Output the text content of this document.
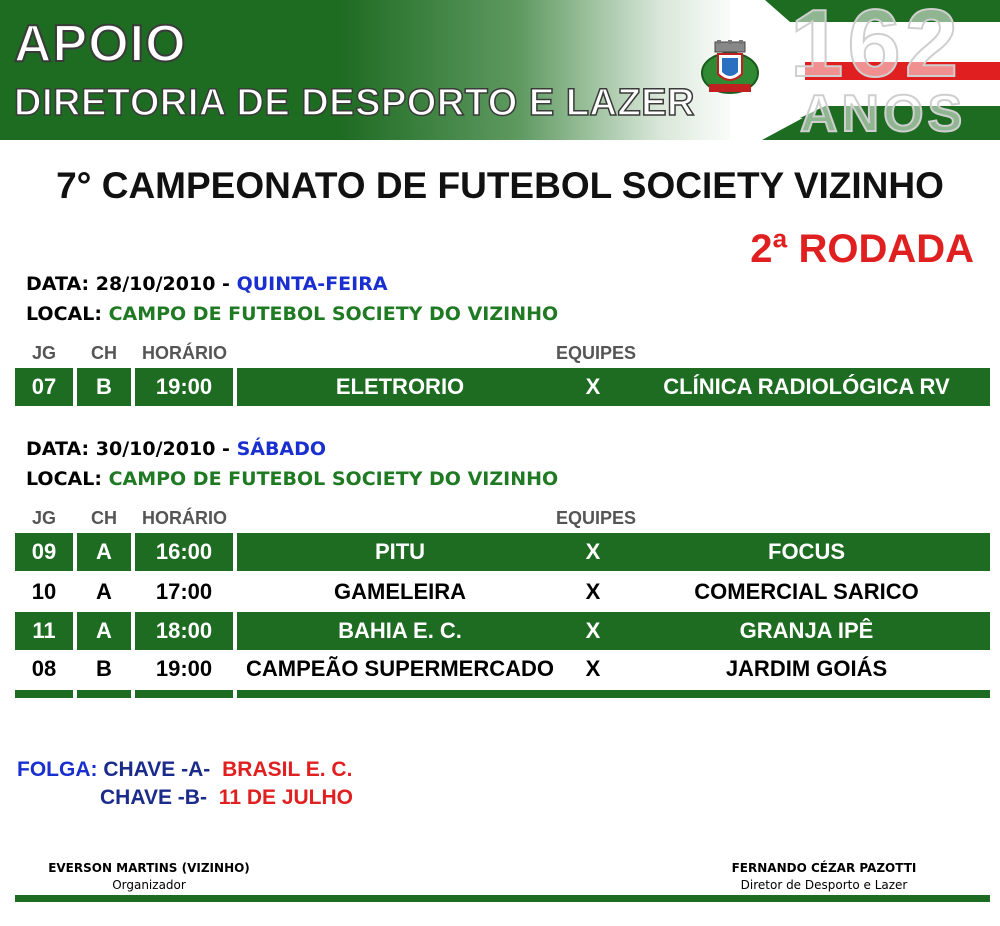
APOIO
DIRETORIA DE DESPORTO E LAZER
162
ANOS
7° CAMPEONATO DE FUTEBOL SOCIETY VIZINHO
2ª RODADA
DATA: 28/10/2010 - QUINTA-FEIRA
LOCAL: CAMPO DE FUTEBOL SOCIETY DO VIZINHO
JG CH HORÁRIO	EQUIPES
07	B	19:00	ELETRORIO	X	CLÍNICA RADIOLÓGICA RV
DATA: 30/10/2010 - SÁBADO
LOCAL: CAMPO DE FUTEBOL SOCIETY DO VIZINHO
JG CH HORÁRIO	EQUIPES
09	A	16:00	PITU	X	FOCUS
10	A	17:00	GAMELEIRA	X	COMERCIAL SARICO
11	A	18:00	BAHIA E. C.	X	GRANJA IPÊ
08	B	19:00	CAMPEÃO SUPERMERCADO	X	JARDIM GOIÁS
FOLGA: CHAVE -A- BRASIL E. C.
CHAVE -B- 11 DE JULHO
EVERSON MARTINS (VIZINHO)
Organizador
FERNANDO CÉZAR PAZOTTI
Diretor de Desporto e Lazer
